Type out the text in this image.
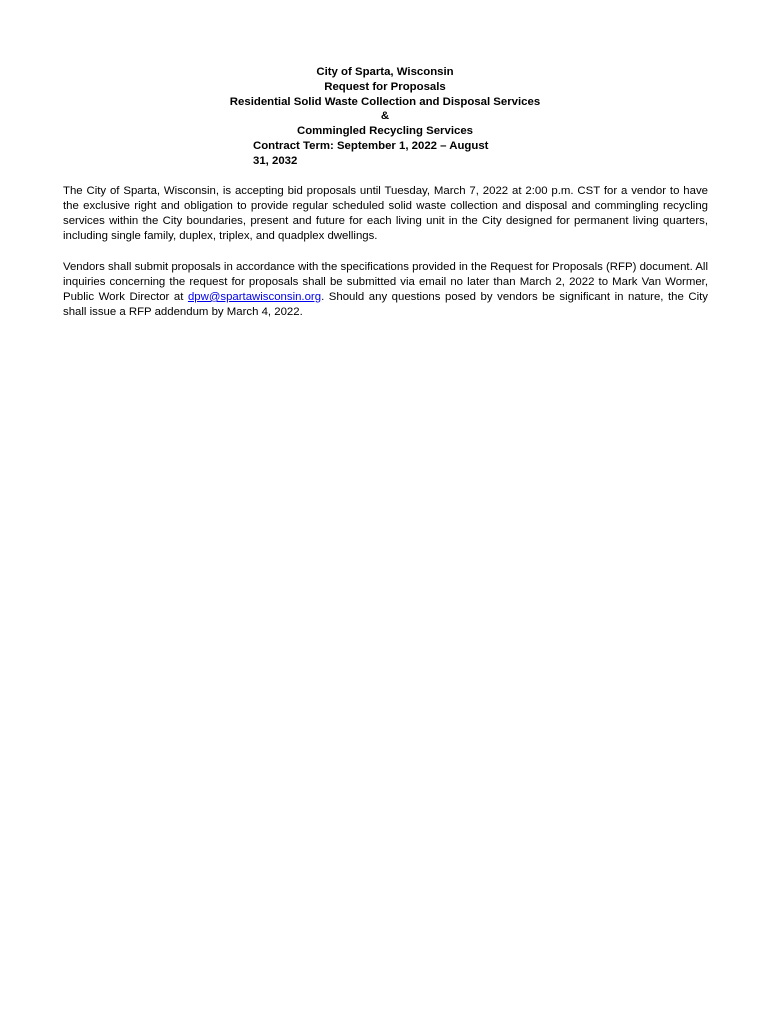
City of Sparta, Wisconsin
Request for Proposals
Residential Solid Waste Collection and Disposal Services
&
Commingled Recycling Services
Contract Term: September 1, 2022 – August
31, 2032
The City of Sparta, Wisconsin, is accepting bid proposals until Tuesday, March 7, 2022 at 2:00 p.m. CST for a vendor to have the exclusive right and obligation to provide regular scheduled solid waste collection and disposal and commingling recycling services within the City boundaries, present and future for each living unit in the City designed for permanent living quarters, including single family, duplex, triplex, and quadplex dwellings.
Vendors shall submit proposals in accordance with the specifications provided in the Request for Proposals (RFP) document. All inquiries concerning the request for proposals shall be submitted via email no later than March 2, 2022 to Mark Van Wormer, Public Work Director at dpw@spartawisconsin.org. Should any questions posed by vendors be significant in nature, the City shall issue a RFP addendum by March 4, 2022.
